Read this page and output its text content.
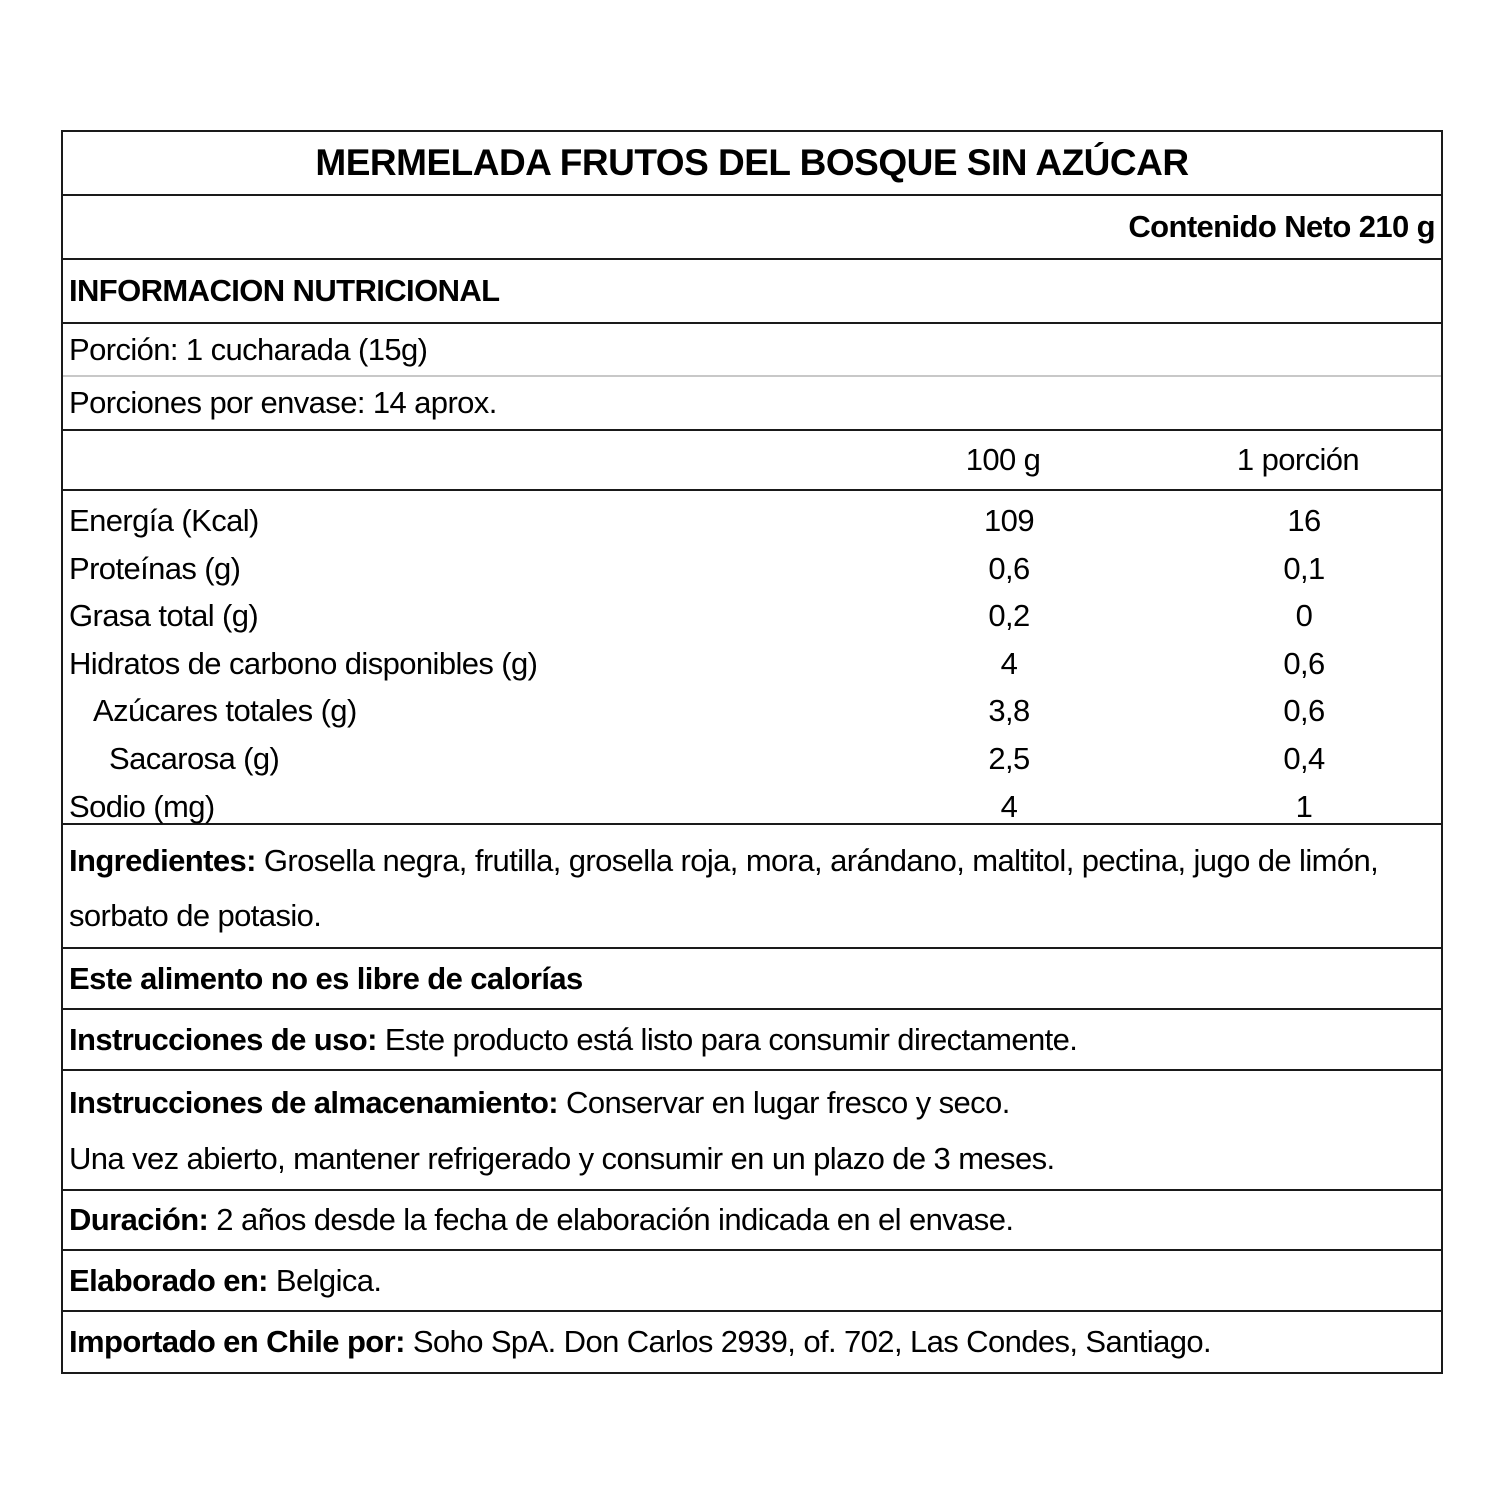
MERMELADA FRUTOS DEL BOSQUE SIN AZÚCAR
Contenido Neto 210 g
INFORMACION NUTRICIONAL
Porción: 1 cucharada (15g)
Porciones por envase: 14 aprox.
100 g	1 porción
Energía (Kcal)	109	16
Proteínas (g)	0,6	0,1
Grasa total (g)	0,2	0
Hidratos de carbono disponibles (g)	4	0,6
Azúcares totales (g)	3,8	0,6
Sacarosa (g)	2,5	0,4
Sodio (mg)	4	1
Ingredientes: Grosella negra, frutilla, grosella roja, mora, arándano, maltitol, pectina, jugo de limón, sorbato de potasio.
Este alimento no es libre de calorías
Instrucciones de uso: Este producto está listo para consumir directamente.
Instrucciones de almacenamiento: Conservar en lugar fresco y seco.
Una vez abierto, mantener refrigerado y consumir en un plazo de 3 meses.
Duración: 2 años desde la fecha de elaboración indicada en el envase.
Elaborado en: Belgica.
Importado en Chile por: Soho SpA. Don Carlos 2939, of. 702, Las Condes, Santiago.
